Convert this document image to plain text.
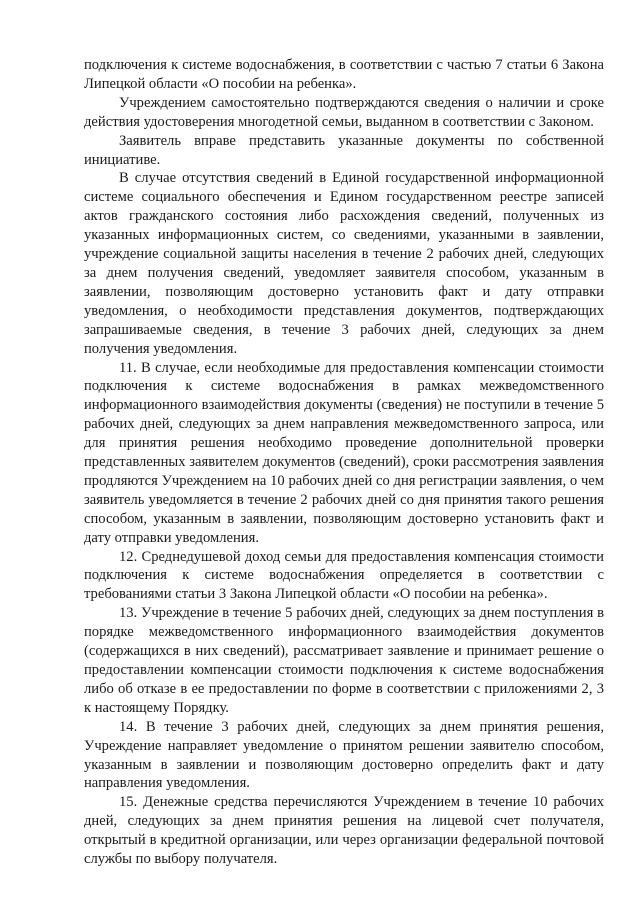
подключения к системе водоснабжения, в соответствии с частью 7 статьи 6 Закона Липецкой области «О пособии на ребенка».

Учреждением самостоятельно подтверждаются сведения о наличии и сроке действия удостоверения многодетной семьи, выданном в соответствии с Законом.

Заявитель вправе представить указанные документы по собственной инициативе.

В случае отсутствия сведений в Единой государственной информационной системе социального обеспечения и Едином государственном реестре записей актов гражданского состояния либо расхождения сведений, полученных из указанных информационных систем, со сведениями, указанными в заявлении, учреждение социальной защиты населения в течение 2 рабочих дней, следующих за днем получения сведений, уведомляет заявителя способом, указанным в заявлении, позволяющим достоверно установить факт и дату отправки уведомления, о необходимости представления документов, подтверждающих запрашиваемые сведения, в течение 3 рабочих дней, следующих за днем получения уведомления.

11. В случае, если необходимые для предоставления компенсации стоимости подключения к системе водоснабжения в рамках межведомственного информационного взаимодействия документы (сведения) не поступили в течение 5 рабочих дней, следующих за днем направления межведомственного запроса, или для принятия решения необходимо проведение дополнительной проверки представленных заявителем документов (сведений), сроки рассмотрения заявления продляются Учреждением на 10 рабочих дней со дня регистрации заявления, о чем заявитель уведомляется в течение 2 рабочих дней со дня принятия такого решения способом, указанным в заявлении, позволяющим достоверно установить факт и дату отправки уведомления.

12. Среднедушевой доход семьи для предоставления компенсация стоимости подключения к системе водоснабжения определяется в соответствии с требованиями статьи 3 Закона Липецкой области «О пособии на ребенка».

13. Учреждение в течение 5 рабочих дней, следующих за днем поступления в порядке межведомственного информационного взаимодействия документов (содержащихся в них сведений), рассматривает заявление и принимает решение о предоставлении компенсации стоимости подключения к системе водоснабжения либо об отказе в ее предоставлении по форме в соответствии с приложениями 2, 3 к настоящему Порядку.

14. В течение 3 рабочих дней, следующих за днем принятия решения, Учреждение направляет уведомление о принятом решении заявителю способом, указанным в заявлении и позволяющим достоверно определить факт и дату направления уведомления.

15. Денежные средства перечисляются Учреждением в течение 10 рабочих дней, следующих за днем принятия решения на лицевой счет получателя, открытый в кредитной организации, или через организации федеральной почтовой службы по выбору получателя.
